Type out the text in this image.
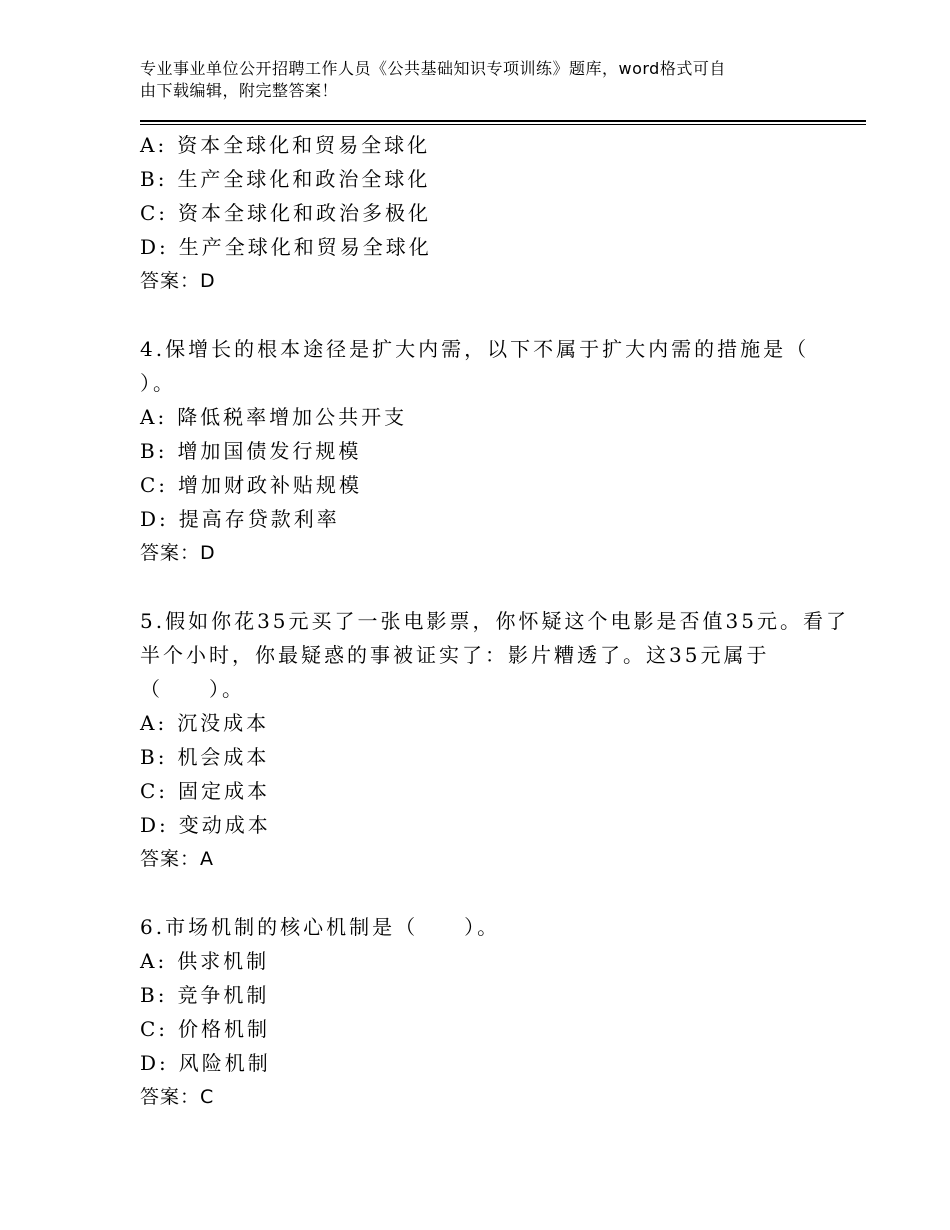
专业事业单位公开招聘工作人员《公共基础知识专项训练》题库，word格式可自
由下载编辑，附完整答案！
A: 资本全球化和贸易全球化
B: 生产全球化和政治全球化
C: 资本全球化和政治多极化
D: 生产全球化和贸易全球化
答案：D
4.保增长的根本途径是扩大内需，以下不属于扩大内需的措施是（
）。
A: 降低税率增加公共开支
B: 增加国债发行规模
C: 增加财政补贴规模
D: 提高存贷款利率
答案：D
5.假如你花35元买了一张电影票，你怀疑这个电影是否值35元。看了
半个小时，你最疑惑的事被证实了：影片糟透了。这35元属于
（　　）。
A: 沉没成本
B: 机会成本
C: 固定成本
D: 变动成本
答案：A
6.市场机制的核心机制是（　　）。
A: 供求机制
B: 竞争机制
C: 价格机制
D: 风险机制
答案：C
